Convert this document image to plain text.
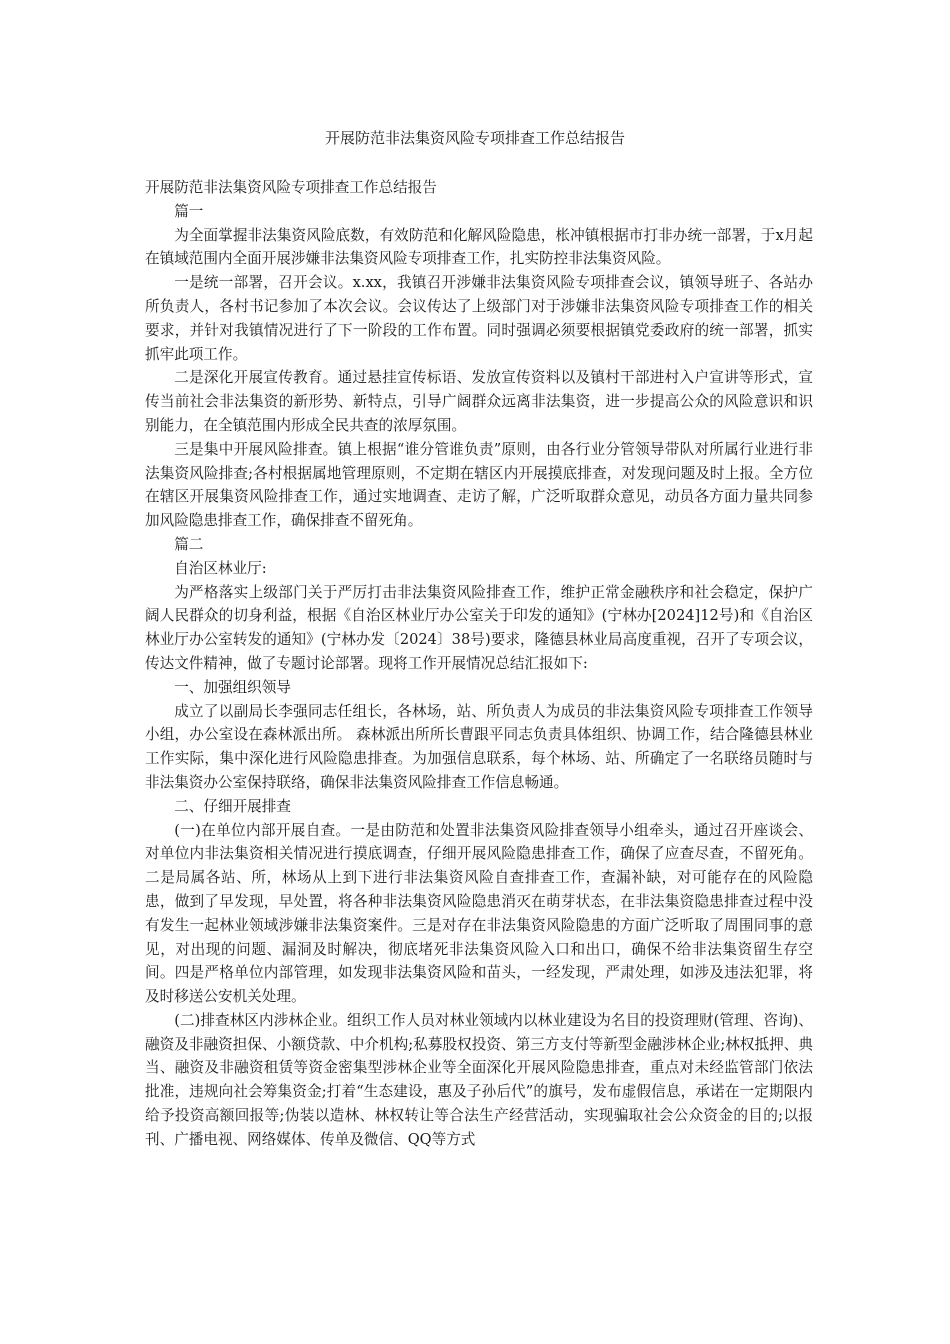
开展防范非法集资风险专项排查工作总结报告

开展防范非法集资风险专项排查工作总结报告

篇一

为全面掌握非法集资风险底数，有效防范和化解风险隐患，枨冲镇根据市打非办统一部署，于x月起在镇域范围内全面开展涉嫌非法集资风险专项排查工作，扎实防控非法集资风险。

一是统一部署，召开会议。x.xx，我镇召开涉嫌非法集资风险专项排查会议，镇领导班子、各站办所负责人，各村书记参加了本次会议。会议传达了上级部门对于涉嫌非法集资风险专项排查工作的相关要求，并针对我镇情况进行了下一阶段的工作布置。同时强调必须要根据镇党委政府的统一部署，抓实抓牢此项工作。

二是深化开展宣传教育。通过悬挂宣传标语、发放宣传资料以及镇村干部进村入户宣讲等形式，宣传当前社会非法集资的新形势、新特点，引导广阔群众远离非法集资，进一步提高公众的风险意识和识别能力，在全镇范围内形成全民共查的浓厚氛围。

三是集中开展风险排查。镇上根据“谁分管谁负责”原则，由各行业分管领导带队对所属行业进行非法集资风险排查;各村根据属地管理原则，不定期在辖区内开展摸底排查，对发现问题及时上报。全方位在辖区开展集资风险排查工作，通过实地调查、走访了解，广泛听取群众意见，动员各方面力量共同参加风险隐患排查工作，确保排查不留死角。

篇二

自治区林业厅:

为严格落实上级部门关于严厉打击非法集资风险排查工作，维护正常金融秩序和社会稳定，保护广阔人民群众的切身利益，根据《自治区林业厅办公室关于印发的通知》(宁林办[2024]12号)和《自治区林业厅办公室转发的通知》(宁林办发〔2024〕38号)要求，隆德县林业局高度重视，召开了专项会议，传达文件精神，做了专题讨论部署。现将工作开展情况总结汇报如下:

一、加强组织领导

成立了以副局长李强同志任组长，各林场，站、所负责人为成员的非法集资风险专项排查工作领导小组，办公室设在森林派出所。 森林派出所所长曹跟平同志负责具体组织、协调工作，结合隆德县林业工作实际，集中深化进行风险隐患排查。为加强信息联系，每个林场、站、所确定了一名联络员随时与非法集资办公室保持联络，确保非法集资风险排查工作信息畅通。

二、仔细开展排查

(一)在单位内部开展自查。一是由防范和处置非法集资风险排查领导小组牵头，通过召开座谈会、对单位内非法集资相关情况进行摸底调查，仔细开展风险隐患排查工作，确保了应查尽查，不留死角。二是局属各站、所，林场从上到下进行非法集资风险自查排查工作，查漏补缺，对可能存在的风险隐患，做到了早发现，早处置，将各种非法集资风险隐患消灭在萌芽状态，在非法集资隐患排查过程中没有发生一起林业领域涉嫌非法集资案件。三是对存在非法集资风险隐患的方面广泛听取了周围同事的意见，对出现的问题、漏洞及时解决，彻底堵死非法集资风险入口和出口，确保不给非法集资留生存空间。四是严格单位内部管理，如发现非法集资风险和苗头，一经发现，严肃处理，如涉及违法犯罪，将及时移送公安机关处理。

(二)排查林区内涉林企业。组织工作人员对林业领域内以林业建设为名目的投资理财(管理、咨询)、融资及非融资担保、小额贷款、中介机构;私募股权投资、第三方支付等新型金融涉林企业;林权抵押、典当、融资及非融资租赁等资金密集型涉林企业等全面深化开展风险隐患排查，重点对未经监管部门依法批准，违规向社会筹集资金;打着“生态建设，惠及子孙后代”的旗号，发布虚假信息，承诺在一定期限内给予投资高额回报等;伪装以造林、林权转让等合法生产经营活动，实现骗取社会公众资金的目的;以报刊、广播电视、网络媒体、传单及微信、QQ等方式
